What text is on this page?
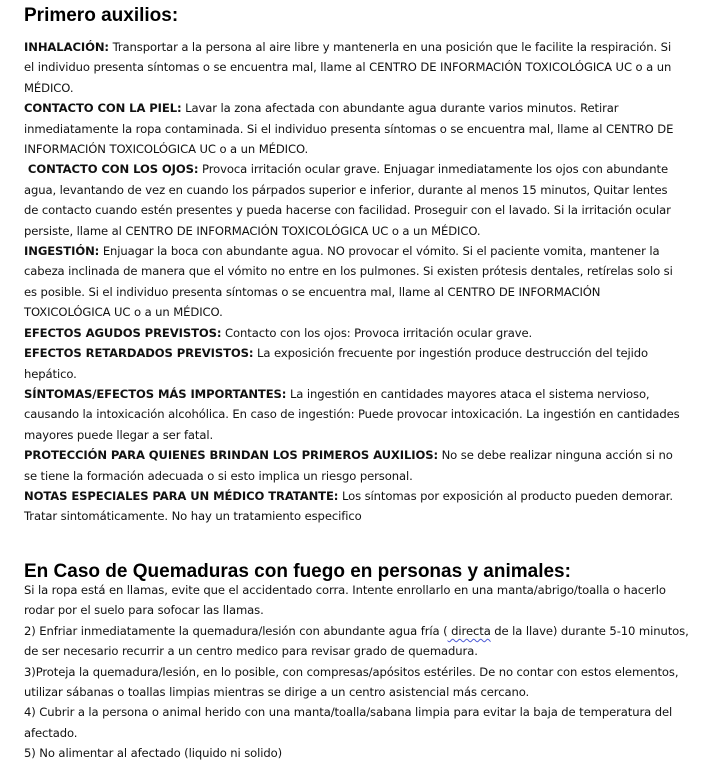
Primero auxilios:

INHALACIÓN: Transportar a la persona al aire libre y mantenerla en una posición que le facilite la respiración. Si el individuo presenta síntomas o se encuentra mal, llame al CENTRO DE INFORMACIÓN TOXICOLÓGICA UC o a un MÉDICO.

CONTACTO CON LA PIEL: Lavar la zona afectada con abundante agua durante varios minutos. Retirar inmediatamente la ropa contaminada. Si el individuo presenta síntomas o se encuentra mal, llame al CENTRO DE INFORMACIÓN TOXICOLÓGICA UC o a un MÉDICO.

CONTACTO CON LOS OJOS: Provoca irritación ocular grave. Enjuagar inmediatamente los ojos con abundante agua, levantando de vez en cuando los párpados superior e inferior, durante al menos 15 minutos, Quitar lentes de contacto cuando estén presentes y pueda hacerse con facilidad. Proseguir con el lavado. Si la irritación ocular persiste, llame al CENTRO DE INFORMACIÓN TOXICOLÓGICA UC o a un MÉDICO.

INGESTIÓN: Enjuagar la boca con abundante agua. NO provocar el vómito. Si el paciente vomita, mantener la cabeza inclinada de manera que el vómito no entre en los pulmones. Si existen prótesis dentales, retírelas solo si es posible. Si el individuo presenta síntomas o se encuentra mal, llame al CENTRO DE INFORMACIÓN TOXICOLÓGICA UC o a un MÉDICO.

EFECTOS AGUDOS PREVISTOS: Contacto con los ojos: Provoca irritación ocular grave.

EFECTOS RETARDADOS PREVISTOS: La exposición frecuente por ingestión produce destrucción del tejido hepático.

SÍNTOMAS/EFECTOS MÁS IMPORTANTES: La ingestión en cantidades mayores ataca el sistema nervioso, causando la intoxicación alcohólica. En caso de ingestión: Puede provocar intoxicación. La ingestión en cantidades mayores puede llegar a ser fatal.

PROTECCIÓN PARA QUIENES BRINDAN LOS PRIMEROS AUXILIOS: No se debe realizar ninguna acción si no se tiene la formación adecuada o si esto implica un riesgo personal.

NOTAS ESPECIALES PARA UN MÉDICO TRATANTE: Los síntomas por exposición al producto pueden demorar. Tratar sintomáticamente. No hay un tratamiento especifico

En Caso de Quemaduras con fuego en personas y animales:

Si la ropa está en llamas, evite que el accidentado corra. Intente enrollarlo en una manta/abrigo/toalla o hacerlo rodar por el suelo para sofocar las llamas.

2) Enfriar inmediatamente la quemadura/lesión con abundante agua fría ( directa de la llave) durante 5-10 minutos, de ser necesario recurrir a un centro medico para revisar grado de quemadura.

3)Proteja la quemadura/lesión, en lo posible, con compresas/apósitos estériles. De no contar con estos elementos, utilizar sábanas o toallas limpias mientras se dirige a un centro asistencial más cercano.

4) Cubrir a la persona o animal herido con una manta/toalla/sabana limpia para evitar la baja de temperatura del afectado.

5) No alimentar al afectado (liquido ni solido)
